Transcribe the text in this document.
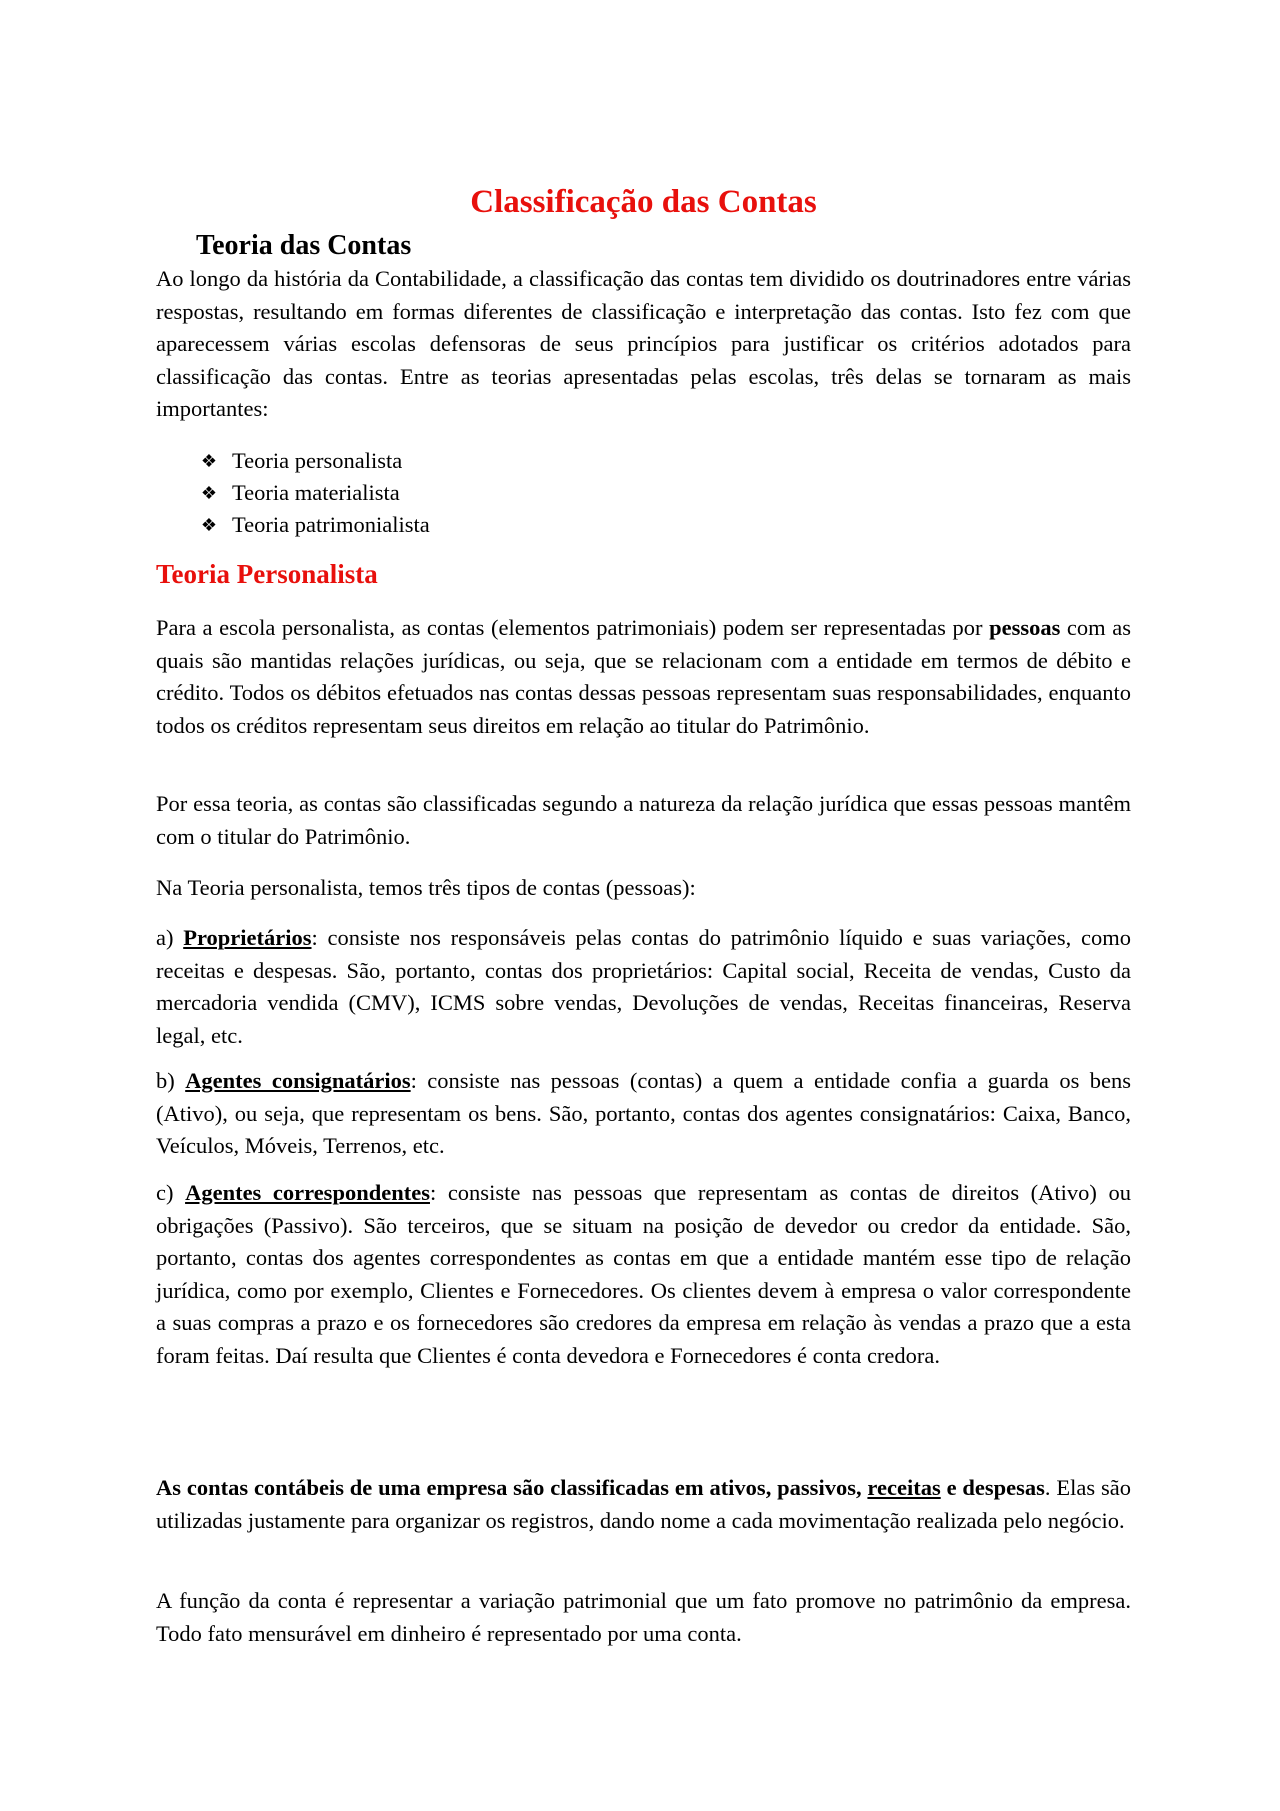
Classificação das Contas
Teoria das Contas

Ao longo da história da Contabilidade, a classificação das contas tem dividido os doutrinadores entre várias respostas, resultando em formas diferentes de classificação e interpretação das contas. Isto fez com que aparecessem várias escolas defensoras de seus princípios para justificar os critérios adotados para classificação das contas. Entre as teorias apresentadas pelas escolas, três delas se tornaram as mais importantes:

❖ Teoria personalista
❖ Teoria materialista
❖ Teoria patrimonialista
Teoria Personalista

Para a escola personalista, as contas (elementos patrimoniais) podem ser representadas por pessoas com as quais são mantidas relações jurídicas, ou seja, que se relacionam com a entidade em termos de débito e crédito. Todos os débitos efetuados nas contas dessas pessoas representam suas responsabilidades, enquanto todos os créditos representam seus direitos em relação ao titular do Patrimônio.

Por essa teoria, as contas são classificadas segundo a natureza da relação jurídica que essas pessoas mantêm com o titular do Patrimônio.

Na Teoria personalista, temos três tipos de contas (pessoas):

a) Proprietários: consiste nos responsáveis pelas contas do patrimônio líquido e suas variações, como receitas e despesas. São, portanto, contas dos proprietários: Capital social, Receita de vendas, Custo da mercadoria vendida (CMV), ICMS sobre vendas, Devoluções de vendas, Receitas financeiras, Reserva legal, etc.

b) Agentes consignatários: consiste nas pessoas (contas) a quem a entidade confia a guarda os bens (Ativo), ou seja, que representam os bens. São, portanto, contas dos agentes consignatários: Caixa, Banco, Veículos, Móveis, Terrenos, etc.

c) Agentes correspondentes: consiste nas pessoas que representam as contas de direitos (Ativo) ou obrigações (Passivo). São terceiros, que se situam na posição de devedor ou credor da entidade. São, portanto, contas dos agentes correspondentes as contas em que a entidade mantém esse tipo de relação jurídica, como por exemplo, Clientes e Fornecedores. Os clientes devem à empresa o valor correspondente a suas compras a prazo e os fornecedores são credores da empresa em relação às vendas a prazo que a esta foram feitas. Daí resulta que Clientes é conta devedora e Fornecedores é conta credora.

As contas contábeis de uma empresa são classificadas em ativos, passivos, receitas e despesas. Elas são utilizadas justamente para organizar os registros, dando nome a cada movimentação realizada pelo negócio.

A função da conta é representar a variação patrimonial que um fato promove no patrimônio da empresa. Todo fato mensurável em dinheiro é representado por uma conta.
